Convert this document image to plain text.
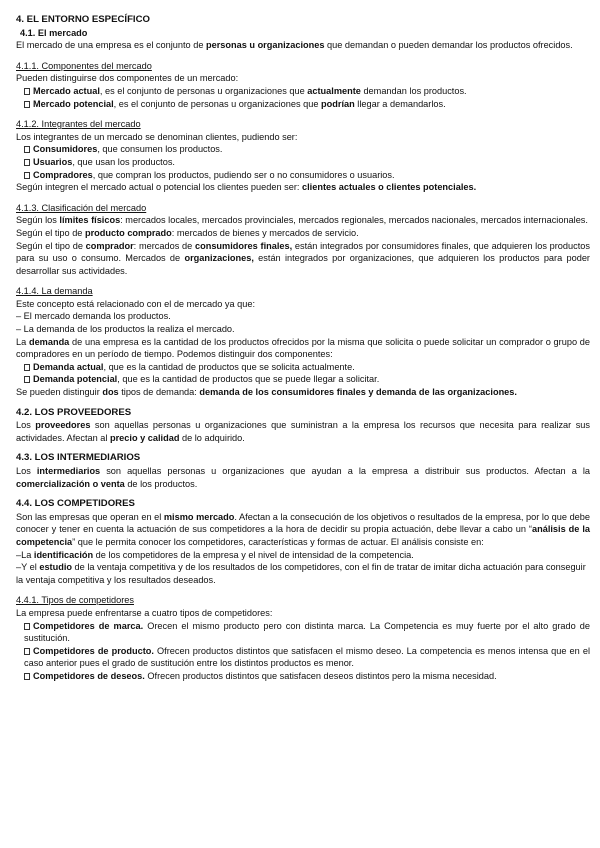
4. EL ENTORNO ESPECÍFICO

4.1. El mercado

El mercado de una empresa es el conjunto de personas u organizaciones que demandan o pueden demandar los productos ofrecidos.

4.1.1. Componentes del mercado

Pueden distinguirse dos componentes de un mercado:

Mercado actual, es el conjunto de personas u organizaciones que actualmente demandan los productos.

Mercado potencial, es el conjunto de personas u organizaciones que podrían llegar a demandarlos.

4.1.2. Integrantes del mercado

Los integrantes de un mercado se denominan clientes, pudiendo ser:

Consumidores, que consumen los productos.

Usuarios, que usan los productos.

Compradores, que compran los productos, pudiendo ser o no consumidores o usuarios.

Según integren el mercado actual o potencial los clientes pueden ser: clientes actuales o clientes potenciales.

4.1.3. Clasificación del mercado

Según los límites físicos: mercados locales, mercados provinciales, mercados regionales, mercados nacionales, mercados internacionales.

Según el tipo de producto comprado: mercados de bienes y mercados de servicio.

Según el tipo de comprador: mercados de consumidores finales, están integrados por consumidores finales, que adquieren los productos para su uso o consumo. Mercados de organizaciones, están integrados por organizaciones, que adquieren los productos para poder desarrollar sus actividades.

4.1.4. La demanda

Este concepto está relacionado con el de mercado ya que:

– El mercado demanda los productos.

– La demanda de los productos la realiza el mercado.

La demanda de una empresa es la cantidad de los productos ofrecidos por la misma que solicita o puede solicitar un comprador o grupo de compradores en un período de tiempo. Podemos distinguir dos componentes:

Demanda actual, que es la cantidad de productos que se solicita actualmente.

Demanda potencial, que es la cantidad de productos que se puede llegar a solicitar.

Se pueden distinguir dos tipos de demanda: demanda de los consumidores finales y demanda de las organizaciones.

4.2. LOS PROVEEDORES

Los proveedores son aquellas personas u organizaciones que suministran a la empresa los recursos que necesita para realizar sus actividades. Afectan al precio y calidad de lo adquirido.

4.3. LOS INTERMEDIARIOS

Los intermediarios son aquellas personas u organizaciones que ayudan a la empresa a distribuir sus productos. Afectan a la comercialización o venta de los productos.

4.4. LOS COMPETIDORES

Son las empresas que operan en el mismo mercado. Afectan a la consecución de los objetivos o resultados de la empresa, por lo que debe conocer y tener en cuenta la actuación de sus competidores a la hora de decidir su propia actuación, debe llevar a cabo un “análisis de la competencia” que le permita conocer los competidores, características y formas de actuar. El análisis consiste en:

–La identificación de los competidores de la empresa y el nivel de intensidad de la competencia.

–Y el estudio de la ventaja competitiva y de los resultados de los competidores, con el fin de tratar de imitar dicha actuación para conseguir la ventaja competitiva y los resultados deseados.

4.4.1. Tipos de competidores

La empresa puede enfrentarse a cuatro tipos de competidores:

Competidores de marca. Orecen el mismo producto pero con distinta marca. La Competencia es muy fuerte por el alto grado de sustitución.

Competidores de producto. Ofrecen productos distintos que satisfacen el mismo deseo. La competencia es menos intensa que en el caso anterior pues el grado de sustitución entre los distintos productos es menor.

Competidores de deseos. Ofrecen productos distintos que satisfacen deseos distintos pero la misma necesidad.
